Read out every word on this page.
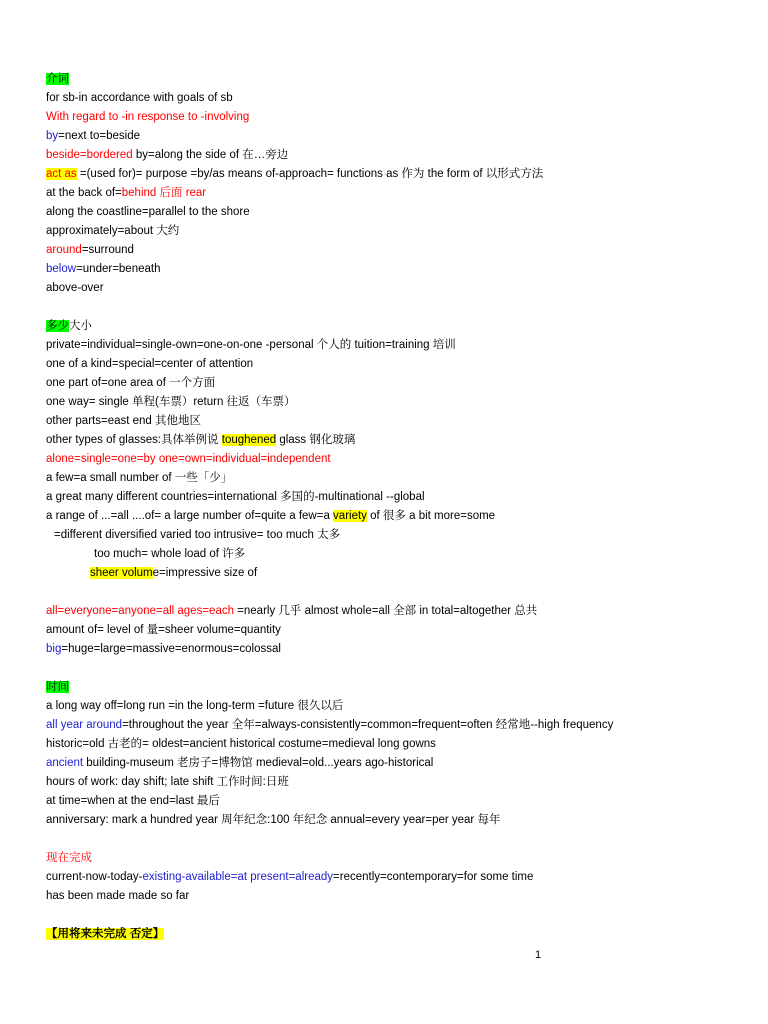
介词
for sb-in accordance with goals of sb
With regard to -in response to -involving
by=next to=beside
beside=bordered by=along the side of 在…旁边
act as =(used for)= purpose =by/as means of-approach= functions as 作为 the form of 以形式方法
at the back of=behind 后面 rear
along the coastline=parallel to the shore
approximately=about 大约
around=surround
below=under=beneath
above-over
多少大小
private=individual=single-own=one-on-one -personal 个人的 tuition=training 培训
one of a kind=special=center of attention
one part of=one area of 一个方面
one way= single 单程(车票）return 往返（车票）
other parts=east end 其他地区
other types of glasses:具体举例说 toughened glass 钢化玻璃
alone=single=one=by one=own=individual=independent
a few=a small number of 一些「少」
a great many different countries=international 多国的-multinational --global
a range of ...=all ....of= a large number of=quite a few=a variety of 很多 a bit more=some
=different diversified varied too intrusive= too much 太多
too much= whole load of 许多
sheer volume=impressive size of
all=everyone=anyone=all ages=each =nearly 几乎 almost whole=all 全部 in total=altogether 总共
amount of= level of 量=sheer volume=quantity
big=huge=large=massive=enormous=colossal
时间
a long way off=long run =in the long-term =future 很久以后
all year around=throughout the year 全年=always-consistently=common=frequent=often 经常地--high frequency
historic=old 古老的= oldest=ancient historical costume=medieval long gowns
ancient building-museum 老房子=博物馆 medieval=old...years ago-historical
hours of work: day shift; late shift 工作时间:日班
at time=when at the end=last 最后
anniversary: mark a hundred year 周年纪念:100 年纪念 annual=every year=per year 每年
现在完成
current-now-today-existing-available=at present=already=recently=contemporary=for some time
has been made made so far
【用将来未完成 否定】
1
